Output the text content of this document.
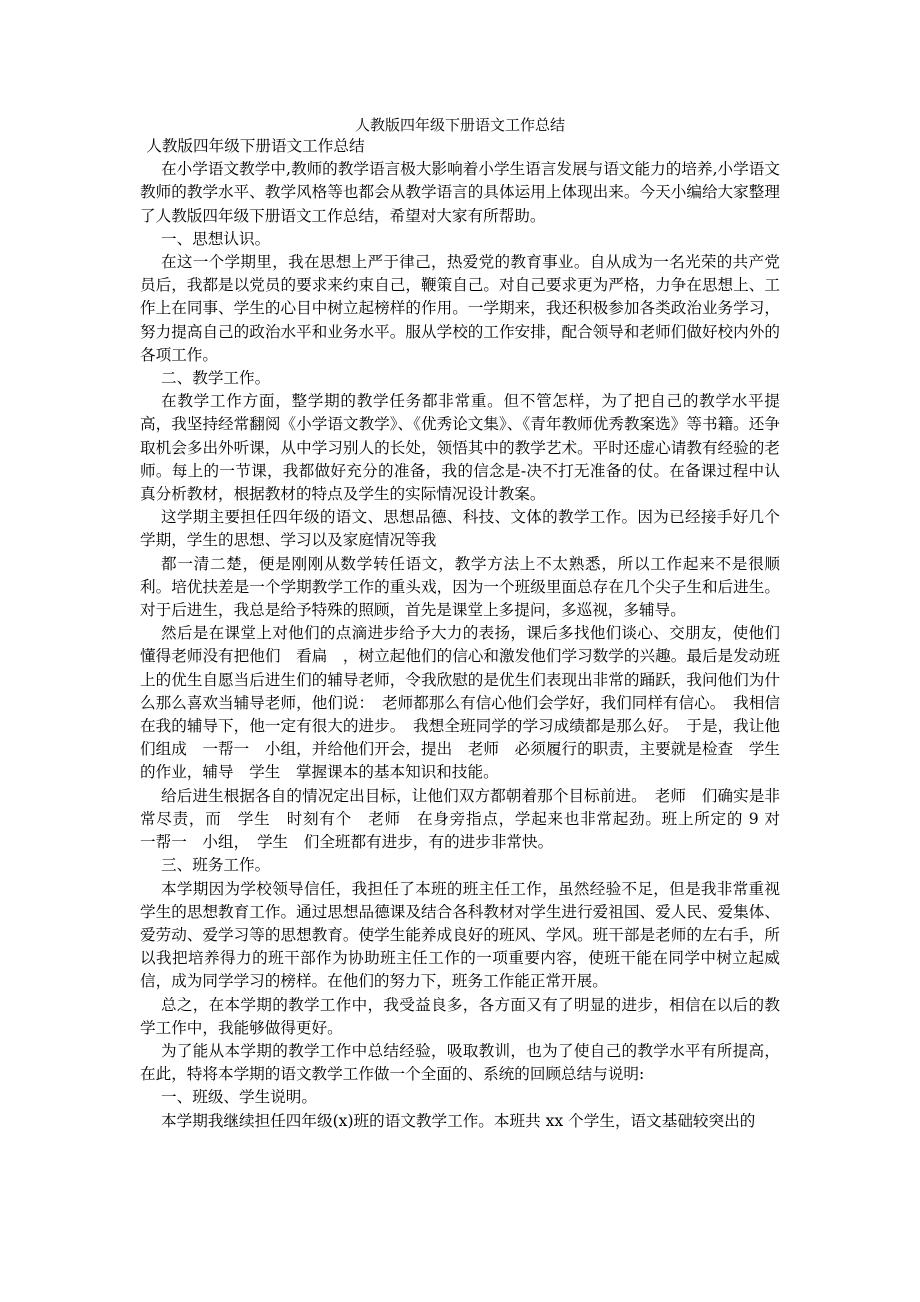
人教版四年级下册语文工作总结

人教版四年级下册语文工作总结

在小学语文教学中,教师的教学语言极大影响着小学生语言发展与语文能力的培养,小学语文教师的教学水平、教学风格等也都会从教学语言的具体运用上体现出来。今天小编给大家整理了人教版四年级下册语文工作总结，希望对大家有所帮助。

一、思想认识。

在这一个学期里，我在思想上严于律己，热爱党的教育事业。自从成为一名光荣的共产党员后，我都是以党员的要求来约束自己，鞭策自己。对自己要求更为严格，力争在思想上、工作上在同事、学生的心目中树立起榜样的作用。一学期来，我还积极参加各类政治业务学习，努力提高自己的政治水平和业务水平。服从学校的工作安排，配合领导和老师们做好校内外的各项工作。

二、教学工作。

在教学工作方面，整学期的教学任务都非常重。但不管怎样，为了把自己的教学水平提高，我坚持经常翻阅《小学语文教学》、《优秀论文集》、《青年教师优秀教案选》等书籍。还争取机会多出外听课，从中学习别人的长处，领悟其中的教学艺术。平时还虚心请教有经验的老师。每上的一节课，我都做好充分的准备，我的信念是-决不打无准备的仗。在备课过程中认真分析教材，根据教材的特点及学生的实际情况设计教案。

这学期主要担任四年级的语文、思想品德、科技、文体的教学工作。因为已经接手好几个学期，学生的思想、学习以及家庭情况等我

都一清二楚，便是刚刚从数学转任语文，教学方法上不太熟悉，所以工作起来不是很顺利。培优扶差是一个学期教学工作的重头戏，因为一个班级里面总存在几个尖子生和后进生。对于后进生，我总是给予特殊的照顾，首先是课堂上多提问，多巡视，多辅导。

然后是在课堂上对他们的点滴进步给予大力的表扬，课后多找他们谈心、交朋友，使他们懂得老师没有把他们　看扁　，树立起他们的信心和激发他们学习数学的兴趣。最后是发动班上的优生自愿当后进生们的辅导老师，令我欣慰的是优生们表现出非常的踊跃，我问他们为什么那么喜欢当辅导老师，他们说：　老师都那么有信心他们会学好，我们同样有信心。　我相信在我的辅导下，他一定有很大的进步。　我想全班同学的学习成绩都是那么好。　于是，我让他们组成　一帮一　小组，并给他们开会，提出　老师　必须履行的职责，主要就是检查　学生　的作业，辅导　学生　掌握课本的基本知识和技能。

给后进生根据各自的情况定出目标，让他们双方都朝着那个目标前进。　老师　们确实是非常尽责，而　学生　时刻有个　老师　在身旁指点，学起来也非常起劲。班上所定的 9 对　一帮一　小组，　学生　们全班都有进步，有的进步非常快。

三、班务工作。

本学期因为学校领导信任，我担任了本班的班主任工作，虽然经验不足，但是我非常重视学生的思想教育工作。通过思想品德课及结合各科教材对学生进行爱祖国、爱人民、爱集体、爱劳动、爱学习等的思想教育。使学生能养成良好的班风、学风。班干部是老师的左右手，所以我把培养得力的班干部作为协助班主任工作的一项重要内容，使班干能在同学中树立起威信，成为同学学习的榜样。在他们的努力下，班务工作能正常开展。

总之，在本学期的教学工作中，我受益良多，各方面又有了明显的进步，相信在以后的教学工作中，我能够做得更好。

为了能从本学期的教学工作中总结经验，吸取教训，也为了使自己的教学水平有所提高，在此，特将本学期的语文教学工作做一个全面的、系统的回顾总结与说明:

一、班级、学生说明。

本学期我继续担任四年级(x)班的语文教学工作。本班共 xx 个学生，语文基础较突出的
